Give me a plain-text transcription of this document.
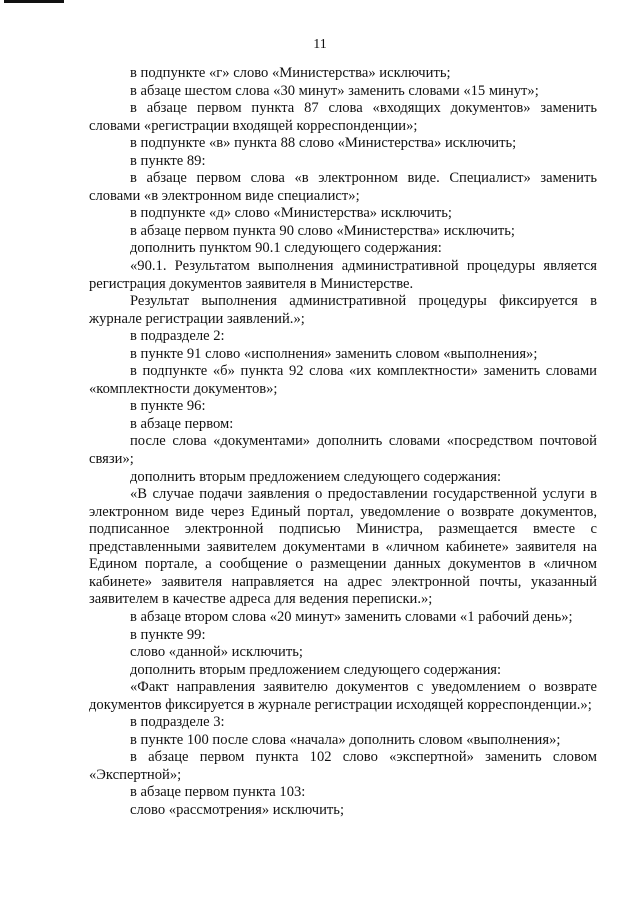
11

в подпункте «г» слово «Министерства» исключить;

в абзаце шестом слова «30 минут» заменить словами «15 минут»;

в абзаце первом пункта 87 слова «входящих документов» заменить словами «регистрации входящей корреспонденции»;

в подпункте «в» пункта 88 слово «Министерства» исключить;

в пункте 89:

в абзаце первом слова «в электронном виде. Специалист» заменить словами «в электронном виде специалист»;

в подпункте «д» слово «Министерства» исключить;

в абзаце первом пункта 90 слово «Министерства» исключить;

дополнить пунктом 90.1 следующего содержания:

«90.1. Результатом выполнения административной процедуры является регистрация документов заявителя в Министерстве.

Результат выполнения административной процедуры фиксируется в журнале регистрации заявлений.»;

в подразделе 2:

в пункте 91 слово «исполнения» заменить словом «выполнения»;

в подпункте «б» пункта 92 слова «их комплектности» заменить словами «комплектности документов»;

в пункте 96:

в абзаце первом:

после слова «документами» дополнить словами «посредством почтовой связи»;

дополнить вторым предложением следующего содержания:

«В случае подачи заявления о предоставлении государственной услуги в электронном виде через Единый портал, уведомление о возврате документов, подписанное электронной подписью Министра, размещается вместе с представленными заявителем документами в «личном кабинете» заявителя на Едином портале, а сообщение о размещении данных документов в «личном кабинете» заявителя направляется на адрес электронной почты, указанный заявителем в качестве адреса для ведения переписки.»;

в абзаце втором слова «20 минут» заменить словами «1 рабочий день»;

в пункте 99:

слово «данной» исключить;

дополнить вторым предложением следующего содержания:

«Факт направления заявителю документов с уведомлением о возврате документов фиксируется в журнале регистрации исходящей корреспонденции.»;

в подразделе 3:

в пункте 100 после слова «начала» дополнить словом «выполнения»;

в абзаце первом пункта 102 слово «экспертной» заменить словом «Экспертной»;

в абзаце первом пункта 103:

слово «рассмотрения» исключить;
